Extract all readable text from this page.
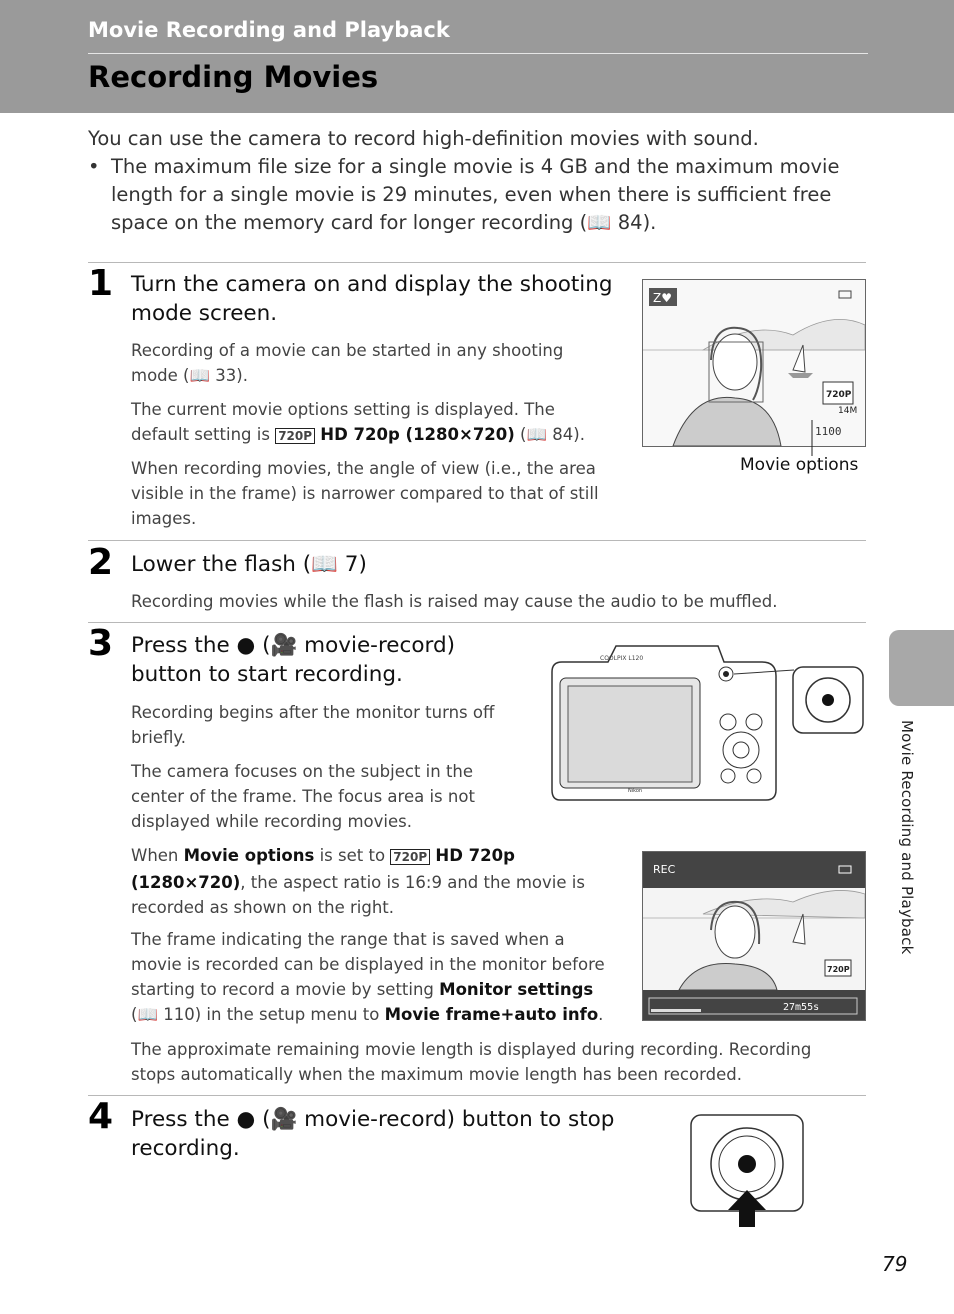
Movie Recording and Playback
Recording Movies

You can use the camera to record high-definition movies with sound.

• The maximum file size for a single movie is 4 GB and the maximum movie length for a single movie is 29 minutes, even when there is sufficient free space on the memory card for longer recording (📖 84).

1 Turn the camera on and display the shooting mode screen.
Recording of a movie can be started in any shooting mode (📖 33).
The current movie options setting is displayed. The default setting is 720P HD 720p (1280×720) (📖 84).
When recording movies, the angle of view (i.e., the area visible in the frame) is narrower compared to that of still images.
Z♥
720P
14M
1100
Movie options
2 Lower the flash (📖 7)
Recording movies while the flash is raised may cause the audio to be muffled.
3 Press the ● (🎥 movie-record) button to start recording.
Recording begins after the monitor turns off briefly.
The camera focuses on the subject in the center of the frame. The focus area is not displayed while recording movies.
COOLPIX L120
Nikon
When Movie options is set to 720P HD 720p (1280×720), the aspect ratio is 16:9 and the movie is recorded as shown on the right.
The frame indicating the range that is saved when a movie is recorded can be displayed in the monitor before starting to record a movie by setting Monitor settings (📖 110) in the setup menu to Movie frame+auto info.
REC
720P
27m55s
The approximate remaining movie length is displayed during recording. Recording stops automatically when the maximum movie length has been recorded.
4 Press the ● (🎥 movie-record) button to stop recording.
Movie Recording and Playback
79
